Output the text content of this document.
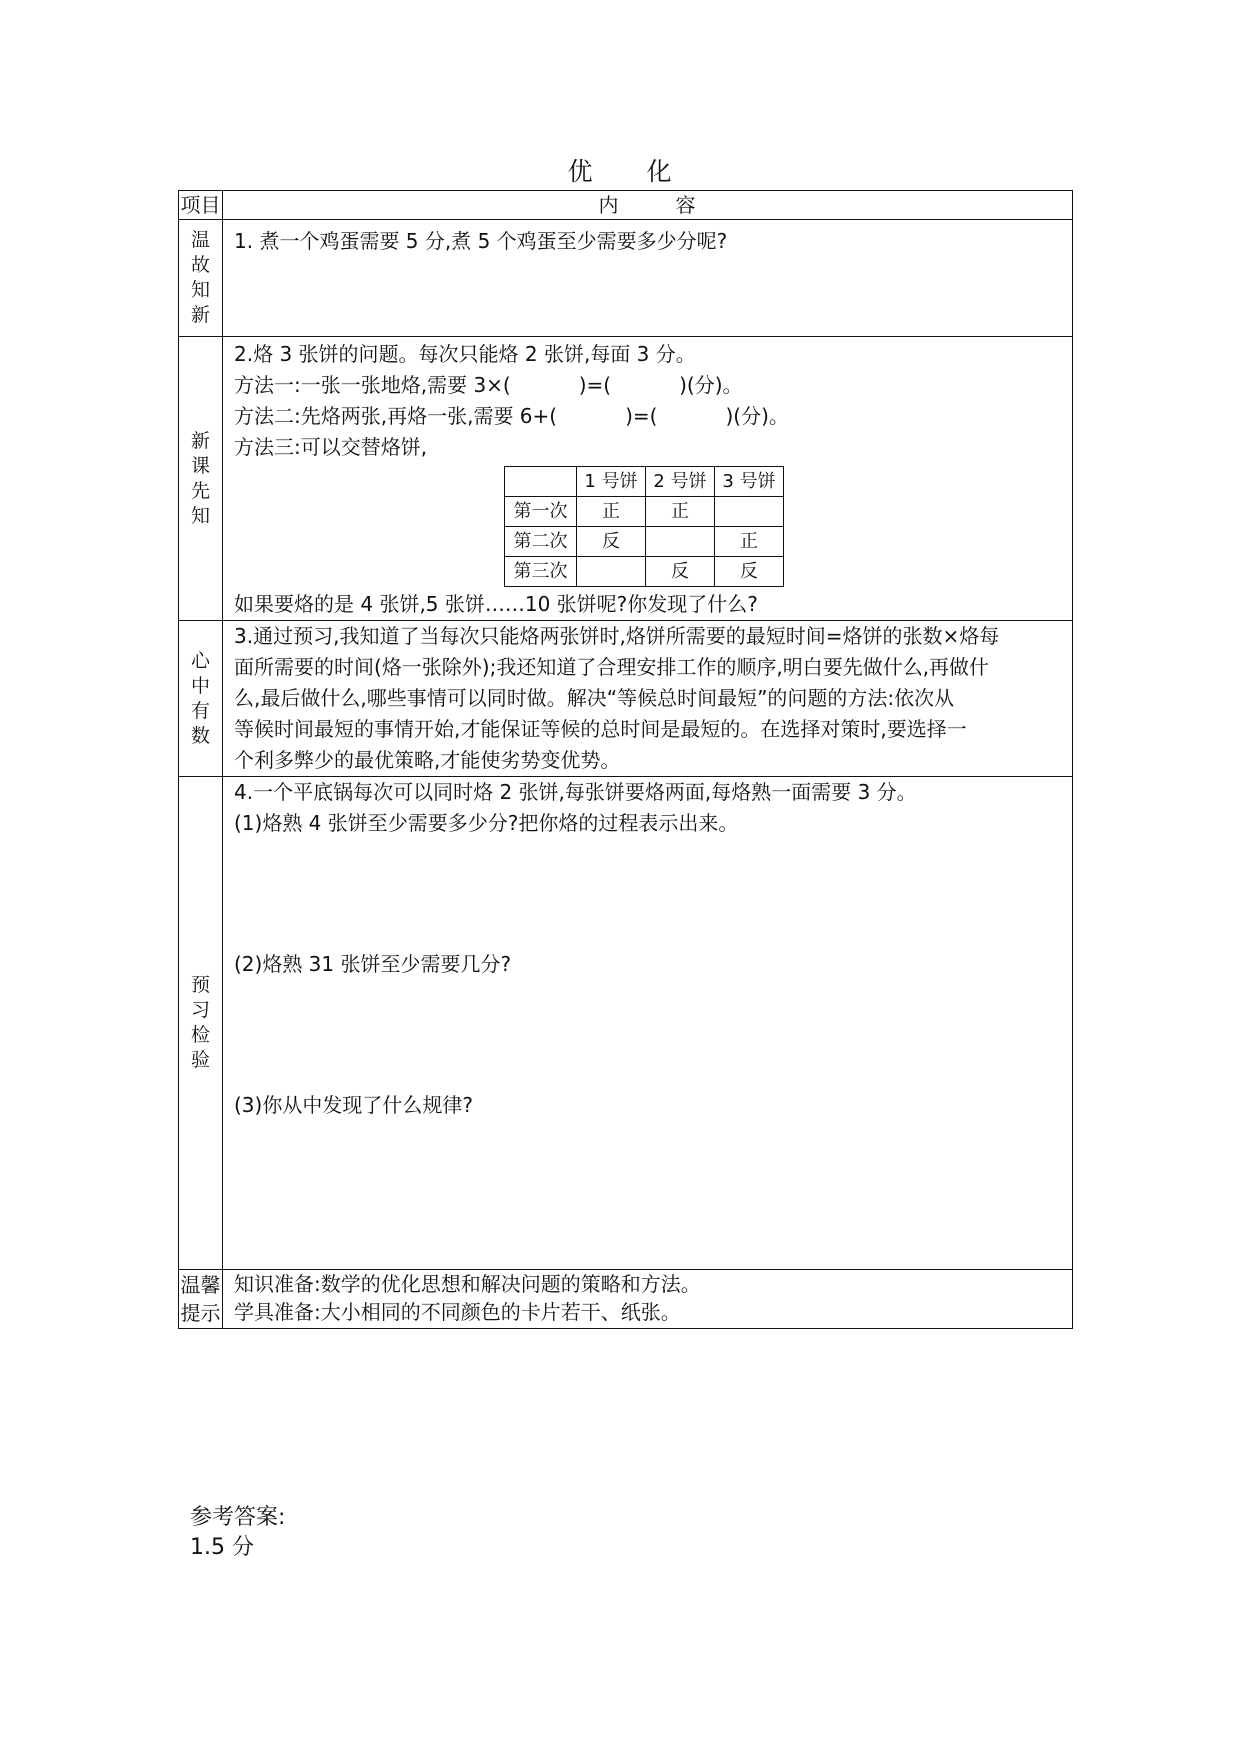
优 化
项目	内	容

温
故
知
新

1. 煮一个鸡蛋需要 5 分,煮 5 个鸡蛋至少需要多少分呢?

新
课
先
知

2.烙 3 张饼的问题。每次只能烙 2 张饼,每面 3 分。
方法一:一张一张地烙,需要 3×(	)=(	)(分)。
方法二:先烙两张,再烙一张,需要 6+(	)=(	)(分)。
方法三:可以交替烙饼,
	1 号饼	2 号饼	3 号饼
第一次	正	正	
第二次	反		正
第三次		反	反
如果要烙的是 4 张饼,5 张饼……10 张饼呢?你发现了什么?

心
中
有
数

3.通过预习,我知道了当每次只能烙两张饼时,烙饼所需要的最短时间=烙饼的张数×烙每
面所需要的时间(烙一张除外);我还知道了合理安排工作的顺序,明白要先做什么,再做什
么,最后做什么,哪些事情可以同时做。解决“等候总时间最短”的问题的方法:依次从
等候时间最短的事情开始,才能保证等候的总时间是最短的。在选择对策时,要选择一
个利多弊少的最优策略,才能使劣势变优势。

预
习
检
验

4.一个平底锅每次可以同时烙 2 张饼,每张饼要烙两面,每烙熟一面需要 3 分。
(1)烙熟 4 张饼至少需要多少分?把你烙的过程表示出来。
(2)烙熟 31 张饼至少需要几分?
(3)你从中发现了什么规律?

温馨
提示

知识准备:数学的优化思想和解决问题的策略和方法。
学具准备:大小相同的不同颜色的卡片若干、纸张。
参考答案:
1.5 分
